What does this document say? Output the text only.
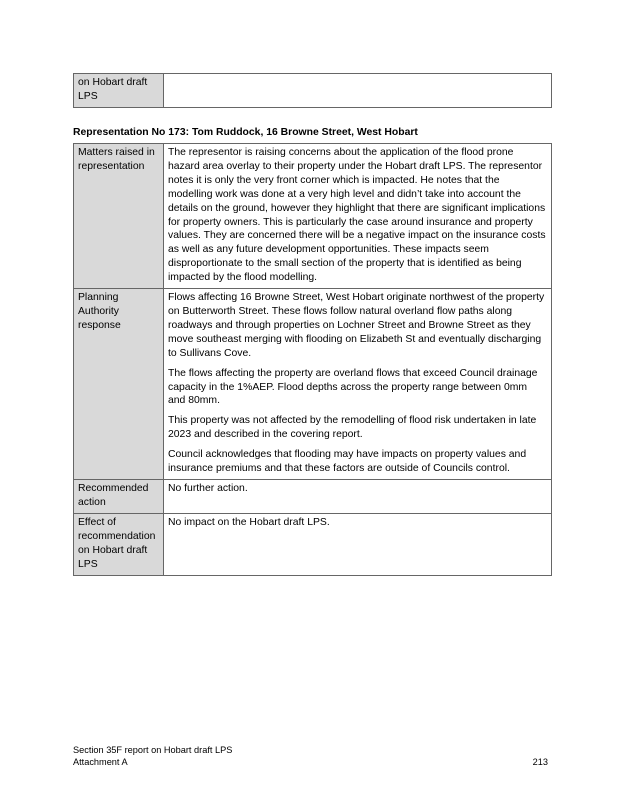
on Hobart draft LPS	
Representation No 173: Tom Ruddock, 16 Browne Street, West Hobart
Matters raised in representation	The representor is raising concerns about the application of the flood prone hazard area overlay to their property under the Hobart draft LPS. The representor notes it is only the very front corner which is impacted. He notes that the modelling work was done at a very high level and didn’t take into account the details on the ground, however they highlight that there are significant implications for property owners. This is particularly the case around insurance and property values. They are concerned there will be a negative impact on the insurance costs as well as any future development opportunities. These impacts seem disproportionate to the small section of the property that is identified as being impacted by the flood modelling.

Planning Authority response	Flows affecting 16 Browne Street, West Hobart originate northwest of the property on Butterworth Street. These flows follow natural overland flow paths along roadways and through properties on Lochner Street and Browne Street as they move southeast merging with flooding on Elizabeth St and eventually discharging to Sullivans Cove.

The flows affecting the property are overland flows that exceed Council drainage capacity in the 1%AEP. Flood depths across the property range between 0mm and 80mm.

This property was not affected by the remodelling of flood risk undertaken in late 2023 and described in the covering report.

Council acknowledges that flooding may have impacts on property values and insurance premiums and that these factors are outside of Councils control.

Recommended action	No further action.
Effect of recommendation on Hobart draft LPS	No impact on the Hobart draft LPS.
Section 35F report on Hobart draft LPS
Attachment A	213
